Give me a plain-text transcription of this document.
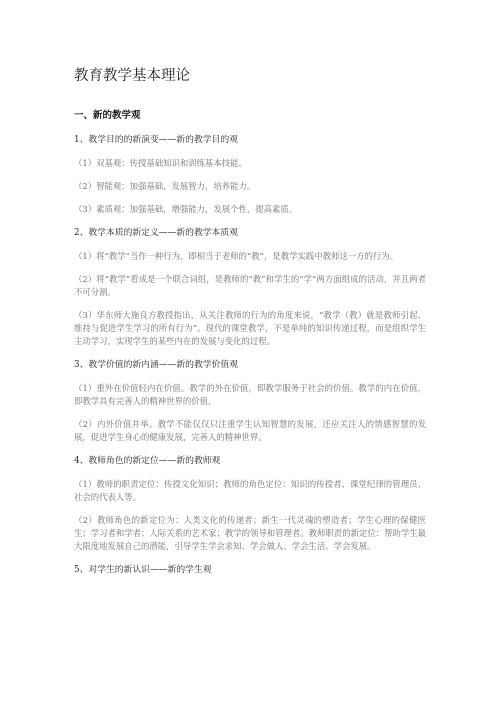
教育教学基本理论
一、新的教学观
1、教学目的的新演变——新的教学目的观
（1）双基观：传授基础知识和训练基本技能。
（2）智能观：加强基础，发展智力，培养能力。
（3）素质观：加强基础，增强能力，发展个性，提高素质。
2、教学本质的新定义——新的教学本质观
（1）将“教学”当作一种行为，即相当于老师的“教”，是教学实践中教师这一方的行为。
（2）将“教学”看成是一个联合词组，是教师的“教”和学生的“学”两方面组成的活动，并且两者不可分割。
（3）华东师大施良方教授指出，从关注教师的行为的角度来说，“教学（教）就是教师引起、维持与促进学生学习的所有行为”。现代的课堂教学，不是单纯的知识传递过程，而是组织学生主动学习，实现学生的某些内在的发展与变化的过程。
3、教学价值的新内涵——新的教学价值观
（1）重外在价值轻内在价值。教学的外在价值，即教学服务于社会的价值。教学的内在价值，即教学具有完善人的精神世界的价值。
（2）内外价值并举。教学不能仅仅只注重学生认知智慧的发展，还应关注人的情感智慧的发展，促进学生身心的健康发展，完善人的精神世界。
4、教师角色的新定位——新的教师观
（1）教师的职责定位：传授文化知识；教师的角色定位：知识的传授者、课堂纪律的管理员、社会的代表人等。
（2）教师角色的新定位为：人类文化的传递者；新生一代灵魂的塑造者；学生心理的保健医生；学习者和学者；人际关系的艺术家；教学的领导和管理者。教师职责的新定位：帮助学生最大限度地发展自己的潜能，引导学生学会求知、学会做人、学会生活、学会发展。
5、对学生的新认识——新的学生观
